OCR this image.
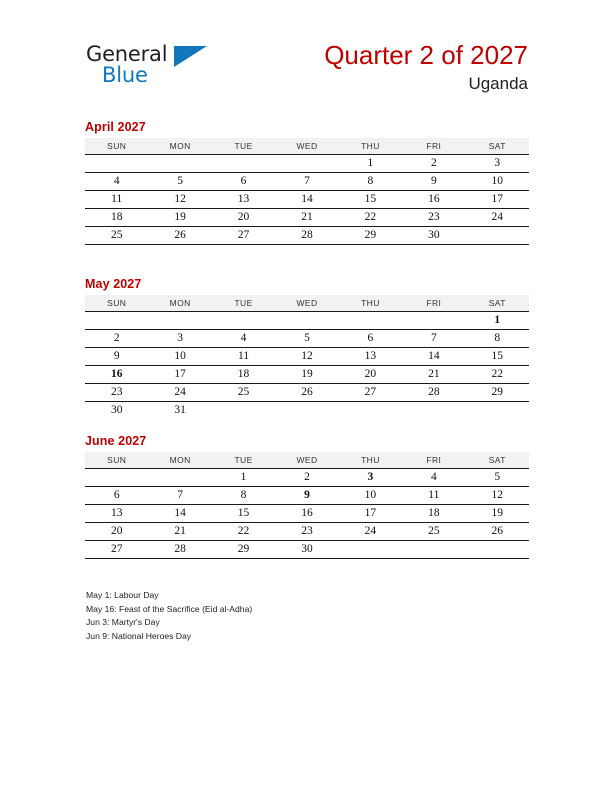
General
Blue
Quarter 2 of 2027
Uganda
April 2027
SUN	MON	TUE	WED	THU	FRI	SAT
				1	2	3
4	5	6	7	8	9	10
11	12	13	14	15	16	17
18	19	20	21	22	23	24
25	26	27	28	29	30	
May 2027
SUN	MON	TUE	WED	THU	FRI	SAT
						1
2	3	4	5	6	7	8
9	10	11	12	13	14	15
16	17	18	19	20	21	22
23	24	25	26	27	28	29
30	31					
June 2027
SUN	MON	TUE	WED	THU	FRI	SAT
		1	2	3	4	5
6	7	8	9	10	11	12
13	14	15	16	17	18	19
20	21	22	23	24	25	26
27	28	29	30			
May 1: Labour Day
May 16: Feast of the Sacrifice (Eid al-Adha)
Jun 3: Martyr's Day
Jun 9: National Heroes Day
